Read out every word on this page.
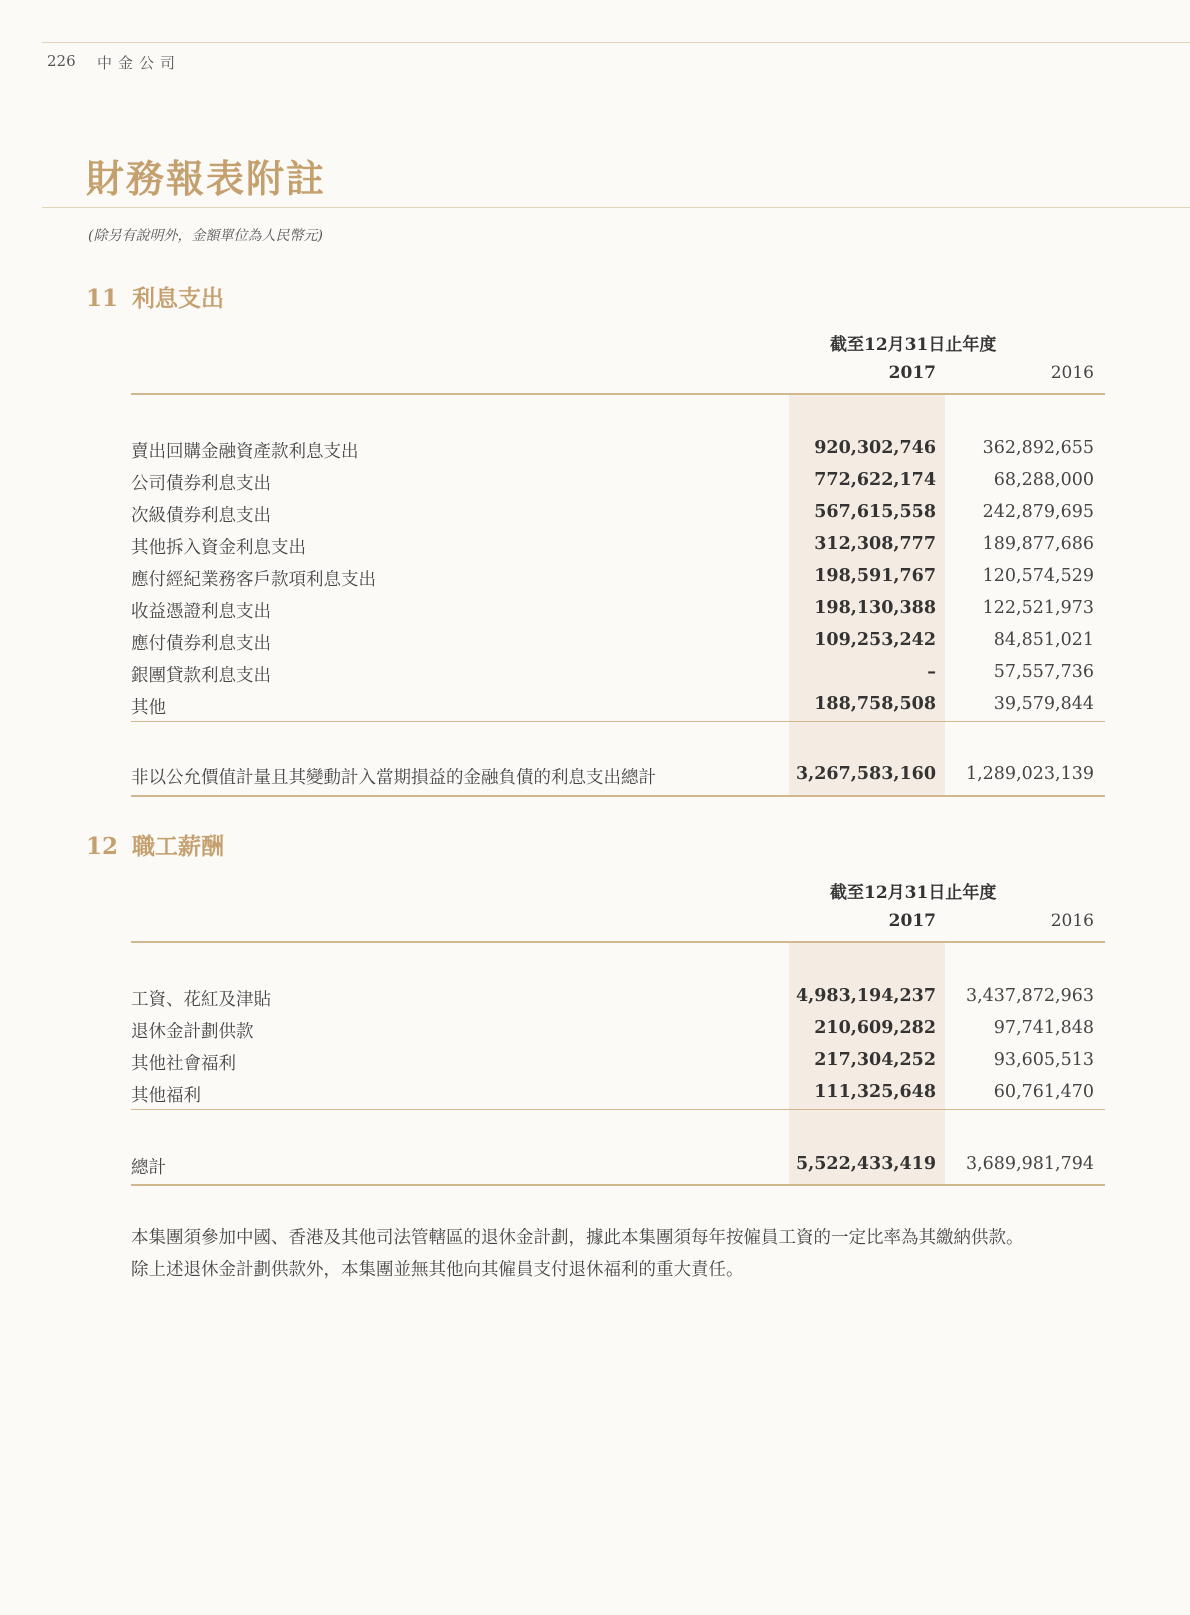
226 中金公司
財務報表附註
(除另有說明外，金額單位為人民幣元)
11 利息支出
截至12月31日止年度
2017	2016
賣出回購金融資產款利息支出	920,302,746	362,892,655
公司債券利息支出	772,622,174	68,288,000
次級債券利息支出	567,615,558	242,879,695
其他拆入資金利息支出	312,308,777	189,877,686
應付經紀業務客戶款項利息支出	198,591,767	120,574,529
收益憑證利息支出	198,130,388	122,521,973
應付債券利息支出	109,253,242	84,851,021
銀團貸款利息支出	–	57,557,736
其他	188,758,508	39,579,844
非以公允價值計量且其變動計入當期損益的金融負債的利息支出總計	3,267,583,160 1,289,023,139
12 職工薪酬
截至12月31日止年度
2017	2016
工資、花紅及津貼	4,983,194,237 3,437,872,963
退休金計劃供款	210,609,282	97,741,848
其他社會福利	217,304,252	93,605,513
其他福利	111,325,648	60,761,470
總計	5,522,433,419 3,689,981,794

本集團須參加中國、香港及其他司法管轄區的退休金計劃，據此本集團須每年按僱員工資的一定比率為其繳納供款。

除上述退休金計劃供款外，本集團並無其他向其僱員支付退休福利的重大責任。
